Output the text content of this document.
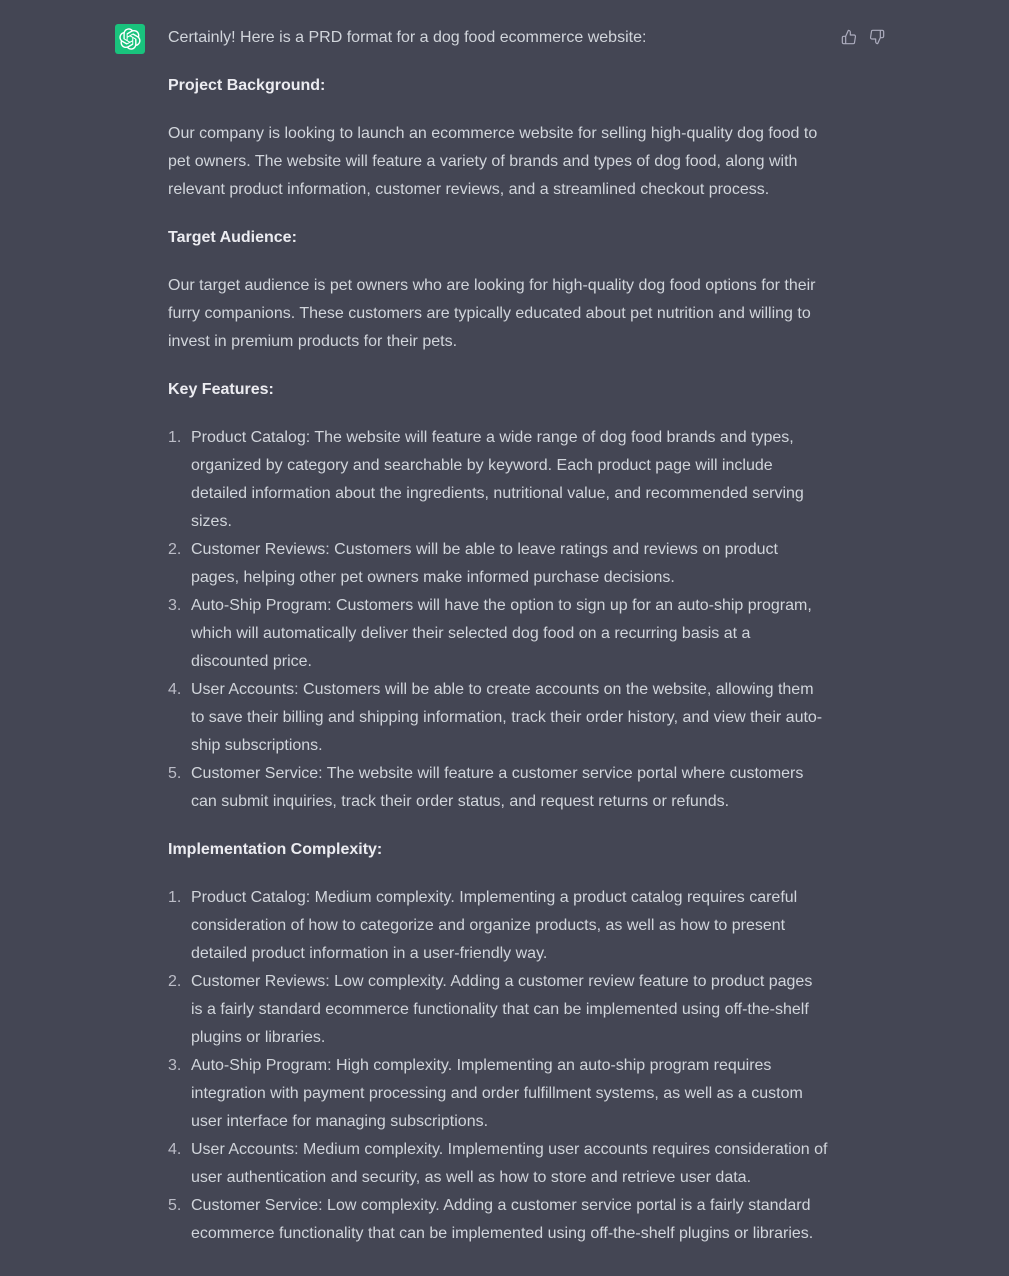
Certainly! Here is a PRD format for a dog food ecommerce website:

Project Background:

Our company is looking to launch an ecommerce website for selling high-quality dog food to pet owners. The website will feature a variety of brands and types of dog food, along with relevant product information, customer reviews, and a streamlined checkout process.

Target Audience:

Our target audience is pet owners who are looking for high-quality dog food options for their furry companions. These customers are typically educated about pet nutrition and willing to invest in premium products for their pets.

Key Features:

1. Product Catalog: The website will feature a wide range of dog food brands and types, organized by category and searchable by keyword. Each product page will include detailed information about the ingredients, nutritional value, and recommended serving sizes.
2. Customer Reviews: Customers will be able to leave ratings and reviews on product pages, helping other pet owners make informed purchase decisions.
3. Auto-Ship Program: Customers will have the option to sign up for an auto-ship program, which will automatically deliver their selected dog food on a recurring basis at a discounted price.
4. User Accounts: Customers will be able to create accounts on the website, allowing them to save their billing and shipping information, track their order history, and view their auto-ship subscriptions.
5. Customer Service: The website will feature a customer service portal where customers can submit inquiries, track their order status, and request returns or refunds.

Implementation Complexity:

1. Product Catalog: Medium complexity. Implementing a product catalog requires careful consideration of how to categorize and organize products, as well as how to present detailed product information in a user-friendly way.
2. Customer Reviews: Low complexity. Adding a customer review feature to product pages is a fairly standard ecommerce functionality that can be implemented using off-the-shelf plugins or libraries.
3. Auto-Ship Program: High complexity. Implementing an auto-ship program requires integration with payment processing and order fulfillment systems, as well as a custom user interface for managing subscriptions.
4. User Accounts: Medium complexity. Implementing user accounts requires consideration of user authentication and security, as well as how to store and retrieve user data.
5. Customer Service: Low complexity. Adding a customer service portal is a fairly standard ecommerce functionality that can be implemented using off-the-shelf plugins or libraries.
